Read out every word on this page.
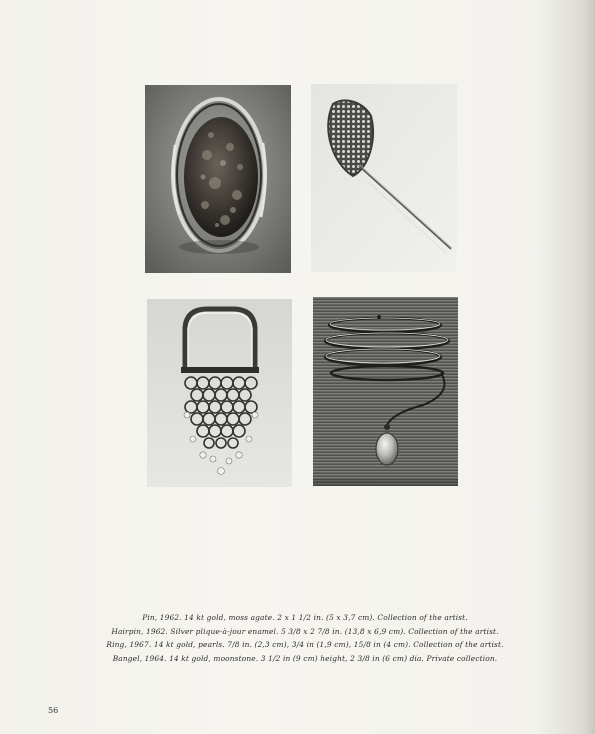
Pin, 1962. 14 kt gold, moss agate. 2 x 1 1/2 in. (5 x 3,7 cm). Collection of the artist.
Hairpin, 1962. Silver plique-à-jour enamel. 5 3/8 x 2 7/8 in. (13,8 x 6,9 cm). Collection of the artist.
Ring, 1967. 14 kt gold, pearls. 7/8 in. (2,3 cm), 3/4 in (1,9 cm), 15/8 in (4 cm). Collection of the artist.
Bangel, 1964. 14 kt gold, moonstone. 3 1/2 in (9 cm) height, 2 3/8 in (6 cm) dia. Private collection.
56
